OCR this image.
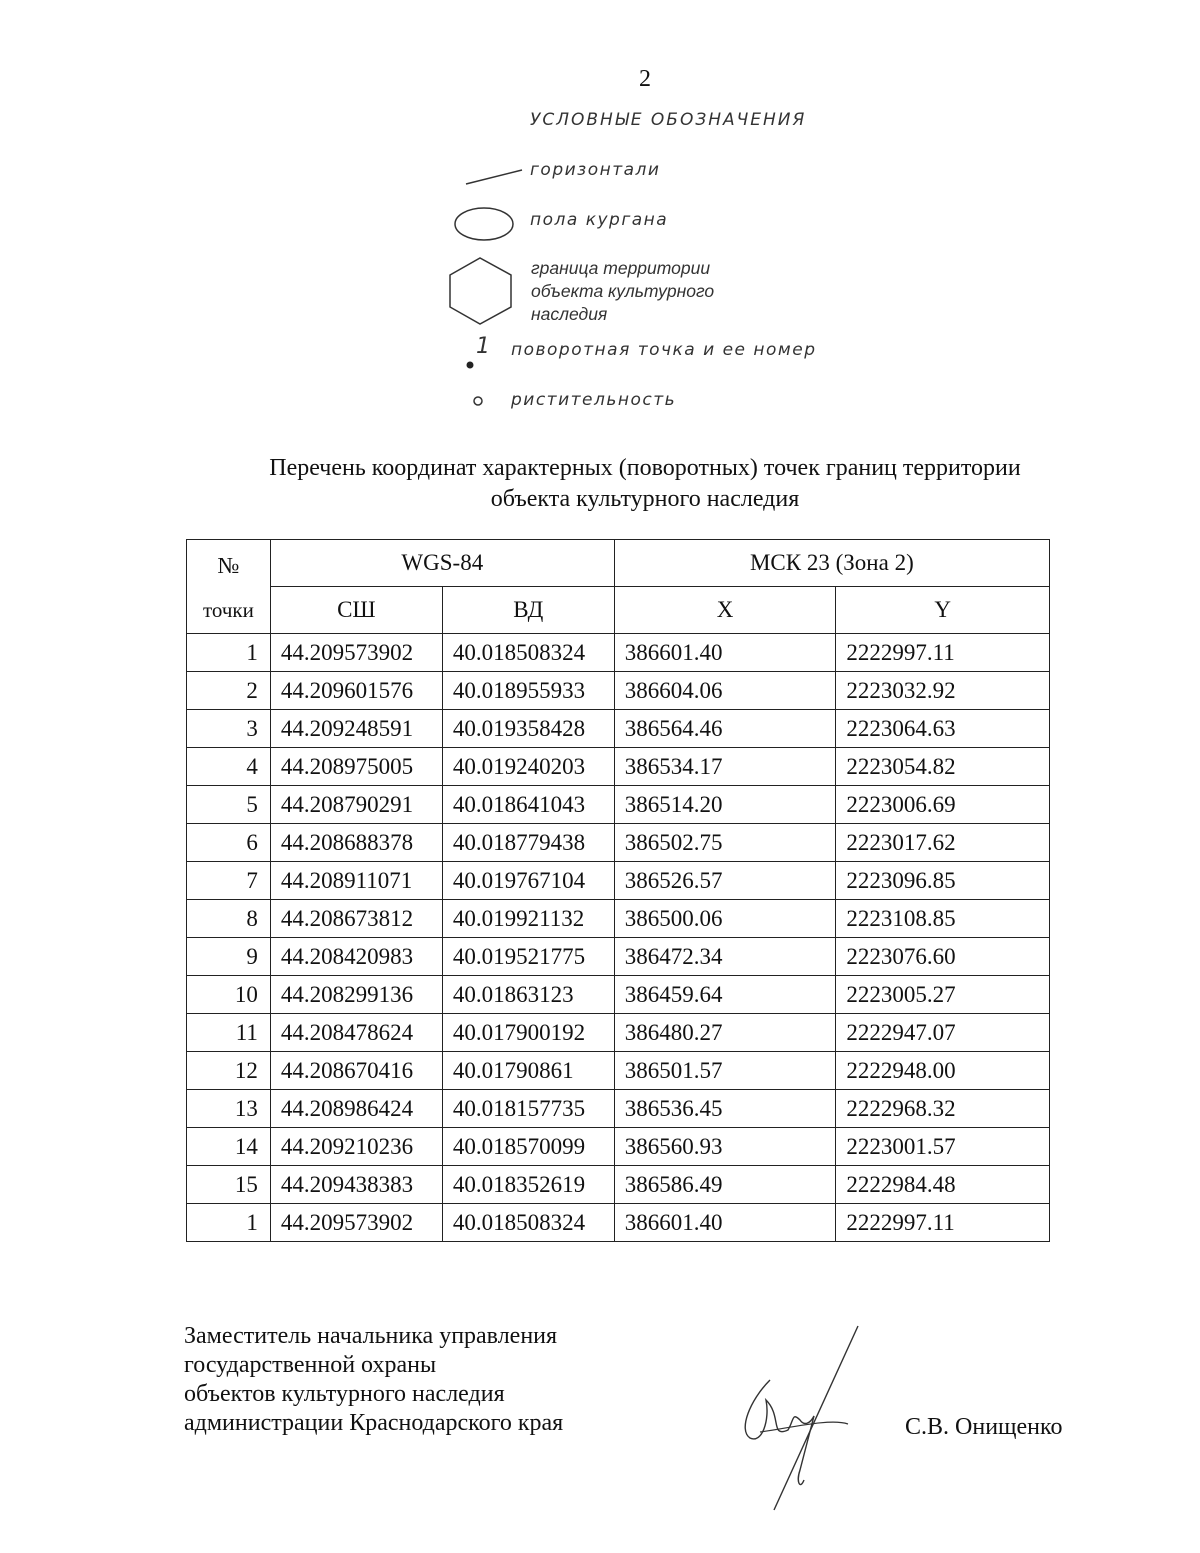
2
УСЛОВНЫЕ ОБОЗНАЧЕНИЯ
горизонтали
пола кургана
граница территории
объекта культурного
наследия
1 поворотная точка и ее номер
ристительность
Перечень координат характерных (поворотных) точек границ территории
объекта культурного наследия
№
точки	WGS-84		МСК 23 (Зона 2)	
	СШ	ВД	X	Y
1	44.209573902	40.018508324	386601.40	2222997.11
2	44.209601576	40.018955933	386604.06	2223032.92
3	44.209248591	40.019358428	386564.46	2223064.63
4	44.208975005	40.019240203	386534.17	2223054.82
5	44.208790291	40.018641043	386514.20	2223006.69
6	44.208688378	40.018779438	386502.75	2223017.62
7	44.208911071	40.019767104	386526.57	2223096.85
8	44.208673812	40.019921132	386500.06	2223108.85
9	44.208420983	40.019521775	386472.34	2223076.60
10	44.208299136	40.01863123	386459.64	2223005.27
11	44.208478624	40.017900192	386480.27	2222947.07
12	44.208670416	40.01790861	386501.57	2222948.00
13	44.208986424	40.018157735	386536.45	2222968.32
14	44.209210236	40.018570099	386560.93	2223001.57
15	44.209438383	40.018352619	386586.49	2222984.48
1	44.209573902	40.018508324	386601.40	2222997.11
Заместитель начальника управления
государственной охраны
объектов культурного наследия
администрации Краснодарского края	С.В. Онищенко
